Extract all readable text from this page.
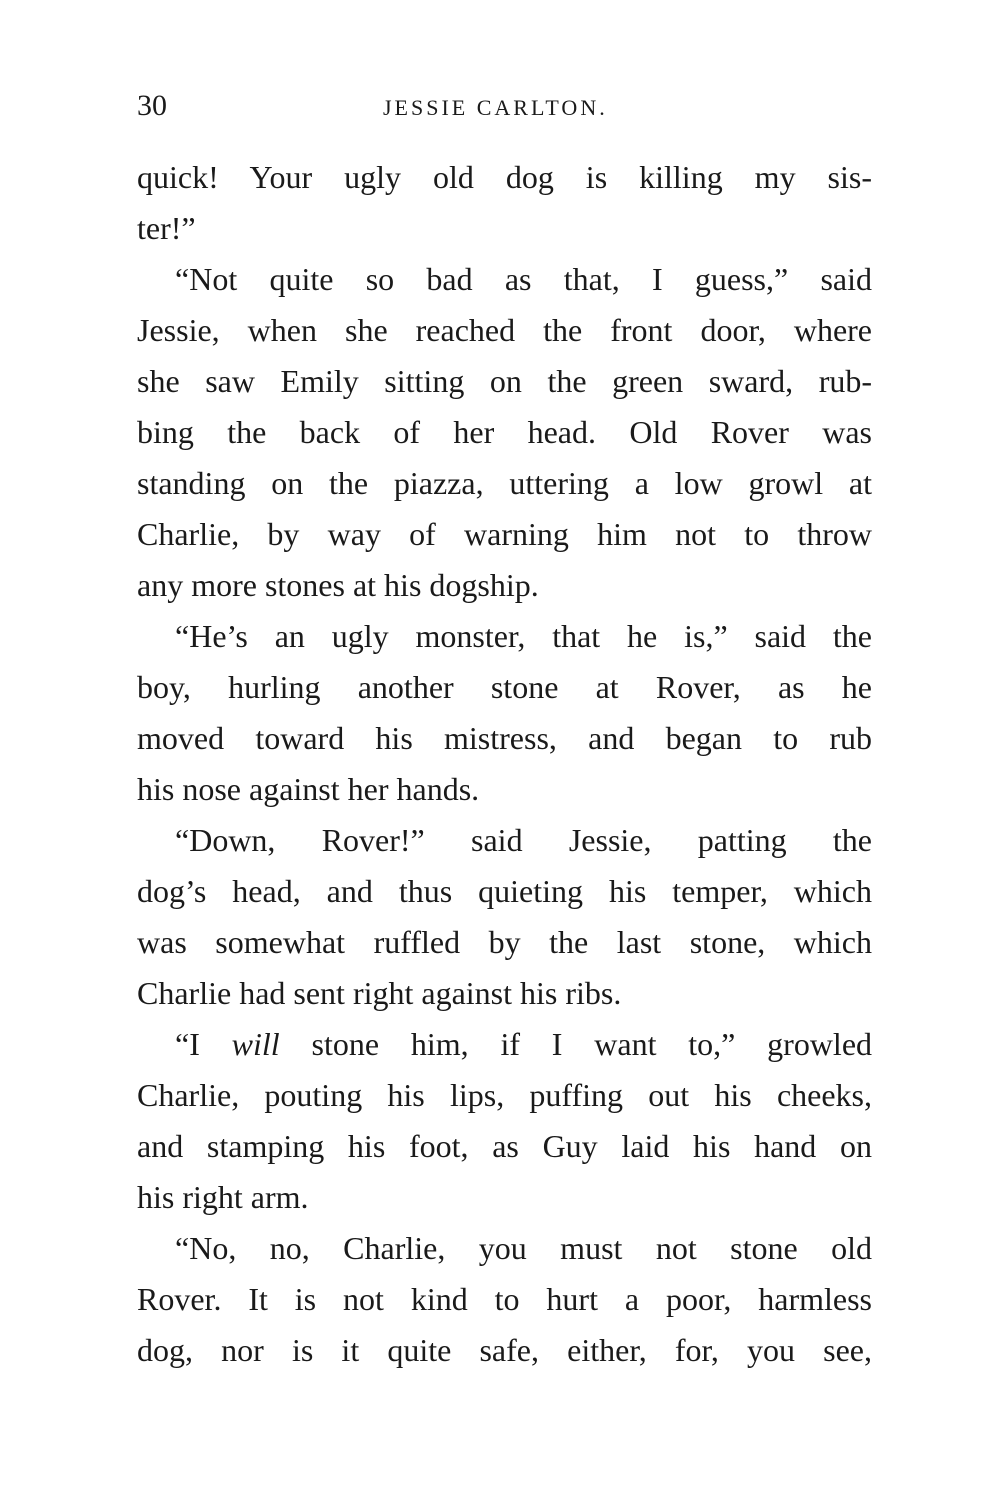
30	JESSIE CARLTON.
quick! Your ugly old dog is killing my sis-
ter!”
“Not quite so bad as that, I guess,” said
Jessie, when she reached the front door, where
she saw Emily sitting on the green sward, rub-
bing the back of her head. Old Rover was
standing on the piazza, uttering a low growl at
Charlie, by way of warning him not to throw
any more stones at his dogship.
“He’s an ugly monster, that he is,” said the
boy, hurling another stone at Rover, as he
moved toward his mistress, and began to rub
his nose against her hands.
“Down, Rover!” said Jessie, patting the
dog’s head, and thus quieting his temper, which
was somewhat ruffled by the last stone, which
Charlie had sent right against his ribs.
“I will stone him, if I want to,” growled
Charlie, pouting his lips, puffing out his cheeks,
and stamping his foot, as Guy laid his hand on
his right arm.
“No, no, Charlie, you must not stone old
Rover. It is not kind to hurt a poor, harmless
dog, nor is it quite safe, either, for, you see,
